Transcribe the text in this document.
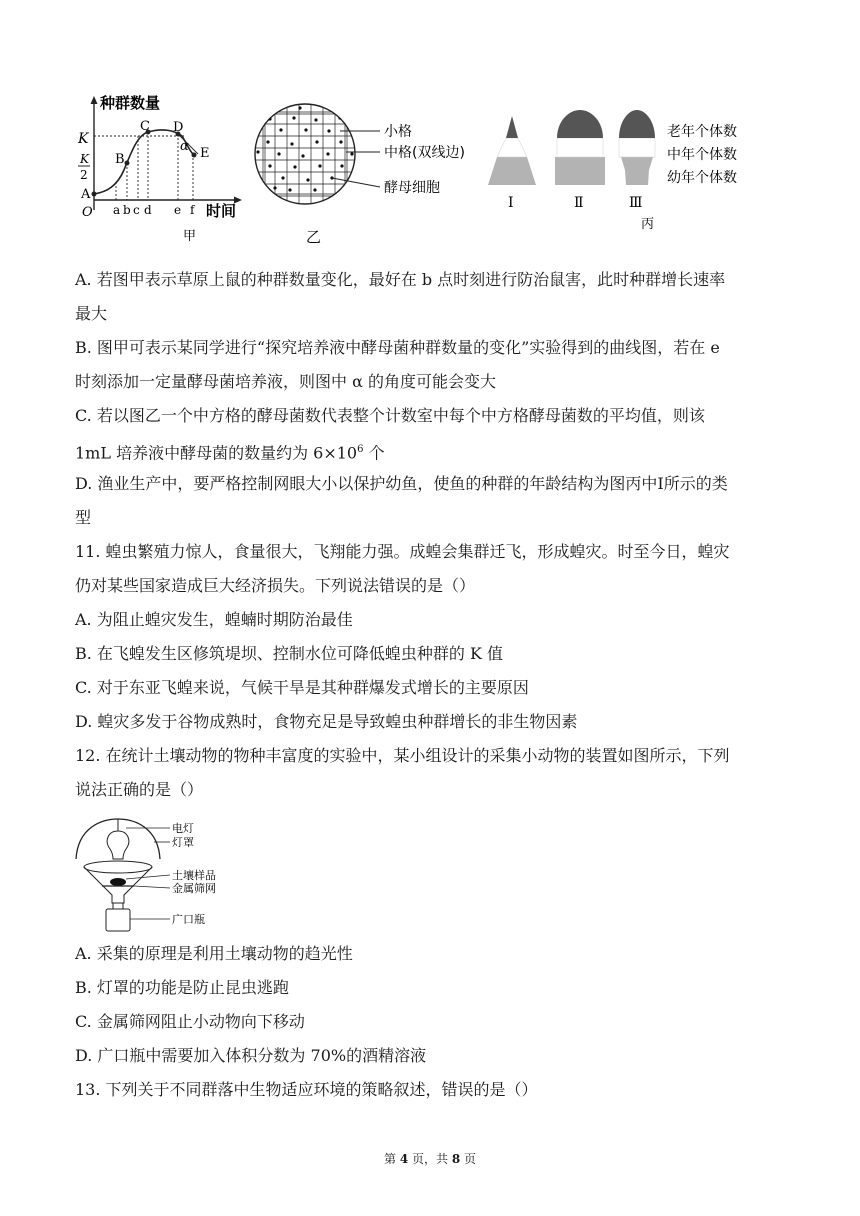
种群数量
时间
O
K
K
2
A
B
C D
E
α
a b c d e f
甲
小格
中格(双线边)
酵母细胞
乙
老年个体数
中年个体数
幼年个体数
Ⅰ	Ⅱ	Ⅲ
丙
A. 若图甲表示草原上鼠的种群数量变化，最好在 b 点时刻进行防治鼠害，此时种群增长速率
最大
B. 图甲可表示某同学进行“探究培养液中酵母菌种群数量的变化”实验得到的曲线图，若在 e
时刻添加一定量酵母菌培养液，则图中 α 的角度可能会变大
C. 若以图乙一个中方格的酵母菌数代表整个计数室中每个中方格酵母菌数的平均值，则该
1mL 培养液中酵母菌的数量约为 $6\times 10^6$ 个
D. 渔业生产中，要严格控制网眼大小以保护幼鱼，使鱼的种群的年龄结构为图丙中Ⅰ所示的类
型
11. 蝗虫繁殖力惊人，食量很大，飞翔能力强。成蝗会集群迁飞，形成蝗灾。时至今日，蝗灾
仍对某些国家造成巨大经济损失。下列说法错误的是（）
A. 为阻止蝗灾发生，蝗蝻时期防治最佳
B. 在飞蝗发生区修筑堤坝、控制水位可降低蝗虫种群的 K 值
C. 对于东亚飞蝗来说，气候干旱是其种群爆发式增长的主要原因
D. 蝗灾多发于谷物成熟时，食物充足是导致蝗虫种群增长的非生物因素
12. 在统计土壤动物的物种丰富度的实验中，某小组设计的采集小动物的装置如图所示，下列
说法正确的是（）
电灯
灯罩
土壤样品
金属筛网
广口瓶
A. 采集的原理是利用土壤动物的趋光性
B. 灯罩的功能是防止昆虫逃跑
C. 金属筛网阻止小动物向下移动
D. 广口瓶中需要加入体积分数为 70%的酒精溶液
13. 下列关于不同群落中生物适应环境的策略叙述，错误的是（）
第 4 页，共 8 页
